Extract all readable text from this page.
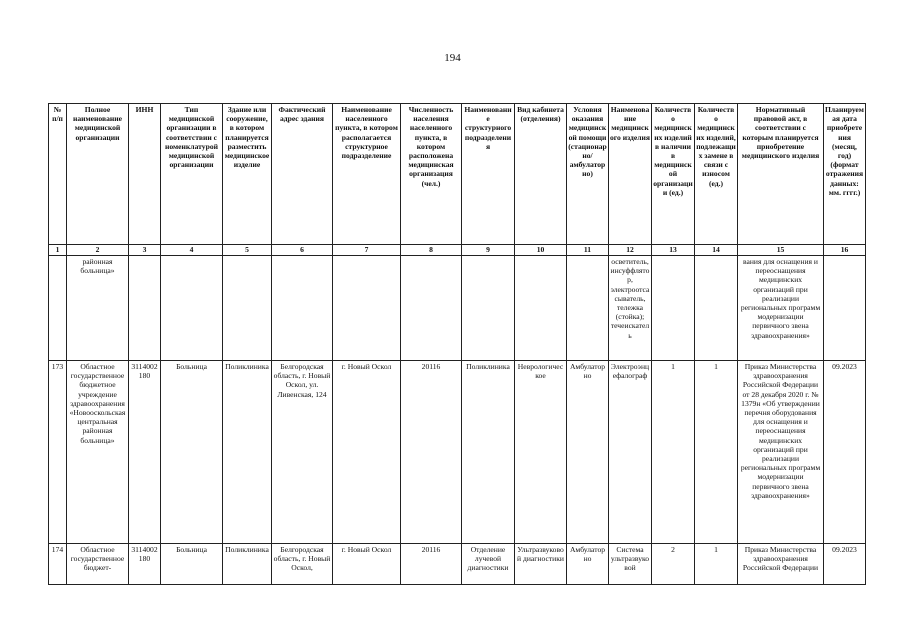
194
№ п/п	Полное наименование медицинской организации	ИНН	Тип медицинской организации в соответствии с номенклатурой медицинской организации	Здание или сооружение, в котором планируется разместить медицинское изделие	Фактический адрес здания	Наименование населенного пункта, в котором располагается структурное подразделение	Численность населения населенного пункта, в котором расположена медицинская организация (чел.)	Наименование структурного подразделения	Вид кабинета (отделения)	Условия оказания медицинской помощи (стационарно/ амбулаторно)	Наименование медицинского изделия	Количество медицинских изделий в наличии в медицинской организации (ед.)	Количество медицинских изделий, подлежащих замене в связи с износом (ед.)	Нормативный правовой акт, в соответствии с которым планируется приобретение медицинского изделия	Планируемая дата приобретения (месяц, год) (формат отражения данных: мм. гггг.)
1	2	3	4	5	6	7	8	9	10	11	12	13	14	15	16
	районная больница»										осветитель, инсуффлятор, электроотсасыватель, тележка (стойка); течеискатель			вания для оснащения и переоснащения медицинских организаций при реализации региональных программ модернизации первичного звена здравоохранения»	
173	Областное государственное бюджетное учреждение здравоохранения «Новооскольская центральная районная больница»	3114002180	Больница	Поликлиника	Белгородская область, г. Новый Оскол, ул. Ливенская, 124	г. Новый Оскол	20116	Поликлиника	Неврологическое	Амбулаторно	Электроэнцефалограф	1	1	Приказ Министерства здравоохранения Российской Федерации от 28 декабря 2020 г. № 1379н «Об утверждении перечня оборудования для оснащения и переоснащения медицинских организаций при реализации региональных программ модернизации первичного звена здравоохранения»	09.2023
174	Областное государственное бюджет-	3114002180	Больница	Поликлиника	Белгородская область, г. Новый Оскол,	г. Новый Оскол	20116	Отделение лучевой диагностики	Ультразвуковой диагностики	Амбулаторно	Система ультразвуковой	2	1	Приказ Министерства здравоохранения Российской Федерации	09.2023
